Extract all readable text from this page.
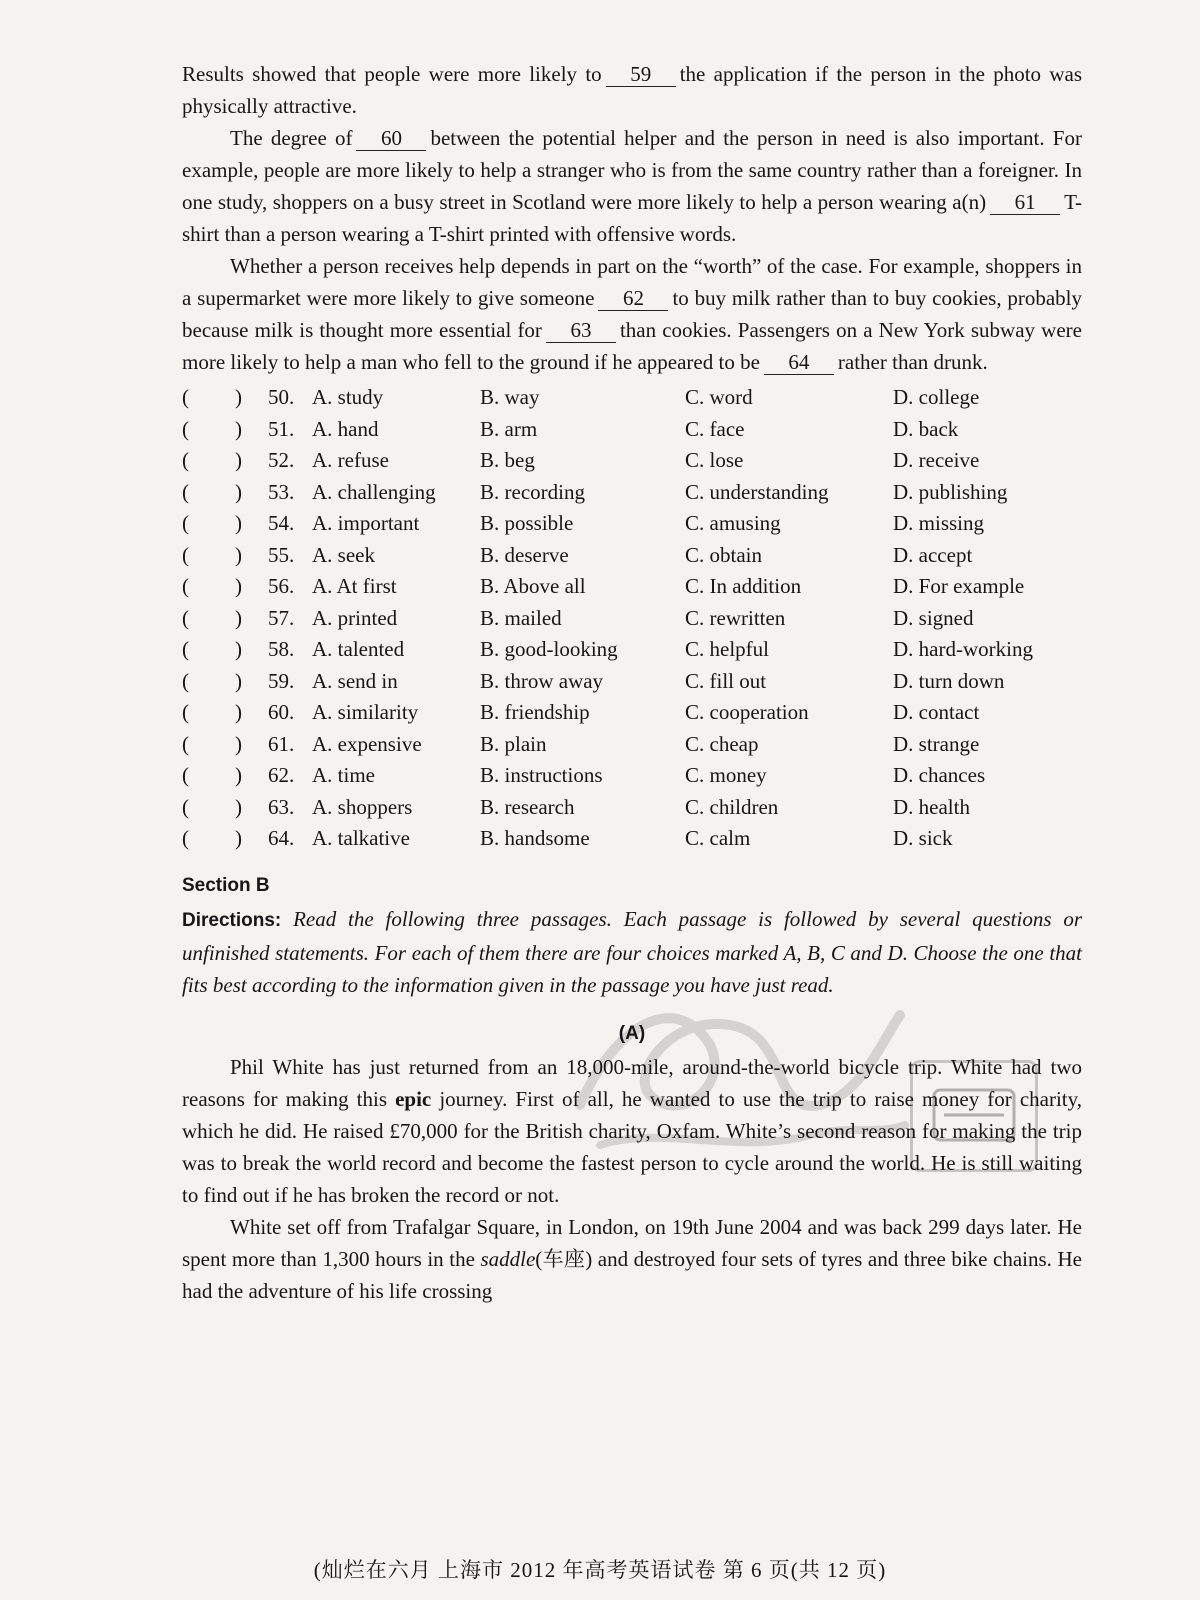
Results showed that people were more likely to 59 the application if the person in the photo was physically attractive.

The degree of 60 between the potential helper and the person in need is also important. For example, people are more likely to help a stranger who is from the same country rather than a foreigner. In one study, shoppers on a busy street in Scotland were more likely to help a person wearing a(n) 61 T-shirt than a person wearing a T-shirt printed with offensive words.

Whether a person receives help depends in part on the “worth” of the case. For example, shoppers in a supermarket were more likely to give someone 62 to buy milk rather than to buy cookies, probably because milk is thought more essential for 63 than cookies. Passengers on a New York subway were more likely to help a man who fell to the ground if he appeared to be 64 rather than drunk.

( )	50. A. study	B. way	C. word	D. college
( )	51. A. hand	B. arm	C. face	D. back
( )	52. A. refuse	B. beg	C. lose	D. receive
( )	53. A. challenging	B. recording	C. understanding	D. publishing
( )	54. A. important	B. possible	C. amusing	D. missing
( )	55. A. seek	B. deserve	C. obtain	D. accept
( )	56. A. At first	B. Above all	C. In addition	D. For example
( )	57. A. printed	B. mailed	C. rewritten	D. signed
( )	58. A. talented	B. good-looking	C. helpful	D. hard-working
( )	59. A. send in	B. throw away	C. fill out	D. turn down
( )	60. A. similarity	B. friendship	C. cooperation	D. contact
( )	61. A. expensive	B. plain	C. cheap	D. strange
( )	62. A. time	B. instructions	C. money	D. chances
( )	63. A. shoppers	B. research	C. children	D. health
( )	64. A. talkative	B. handsome	C. calm	D. sick
Section B

Directions: Read the following three passages. Each passage is followed by several questions or unfinished statements. For each of them there are four choices marked A, B, C and D. Choose the one that fits best according to the information given in the passage you have just read.

(A)

Phil White has just returned from an 18,000-mile, around-the-world bicycle trip. White had two reasons for making this epic journey. First of all, he wanted to use the trip to raise money for charity, which he did. He raised £70,000 for the British charity, Oxfam. White’s second reason for making the trip was to break the world record and become the fastest person to cycle around the world. He is still waiting to find out if he has broken the record or not.

White set off from Trafalgar Square, in London, on 19th June 2004 and was back 299 days later. He spent more than 1,300 hours in the saddle(车座) and destroyed four sets of tyres and three bike chains. He had the adventure of his life crossing

(灿烂在六月 上海市 2012 年高考英语试卷 第 6 页(共 12 页)
